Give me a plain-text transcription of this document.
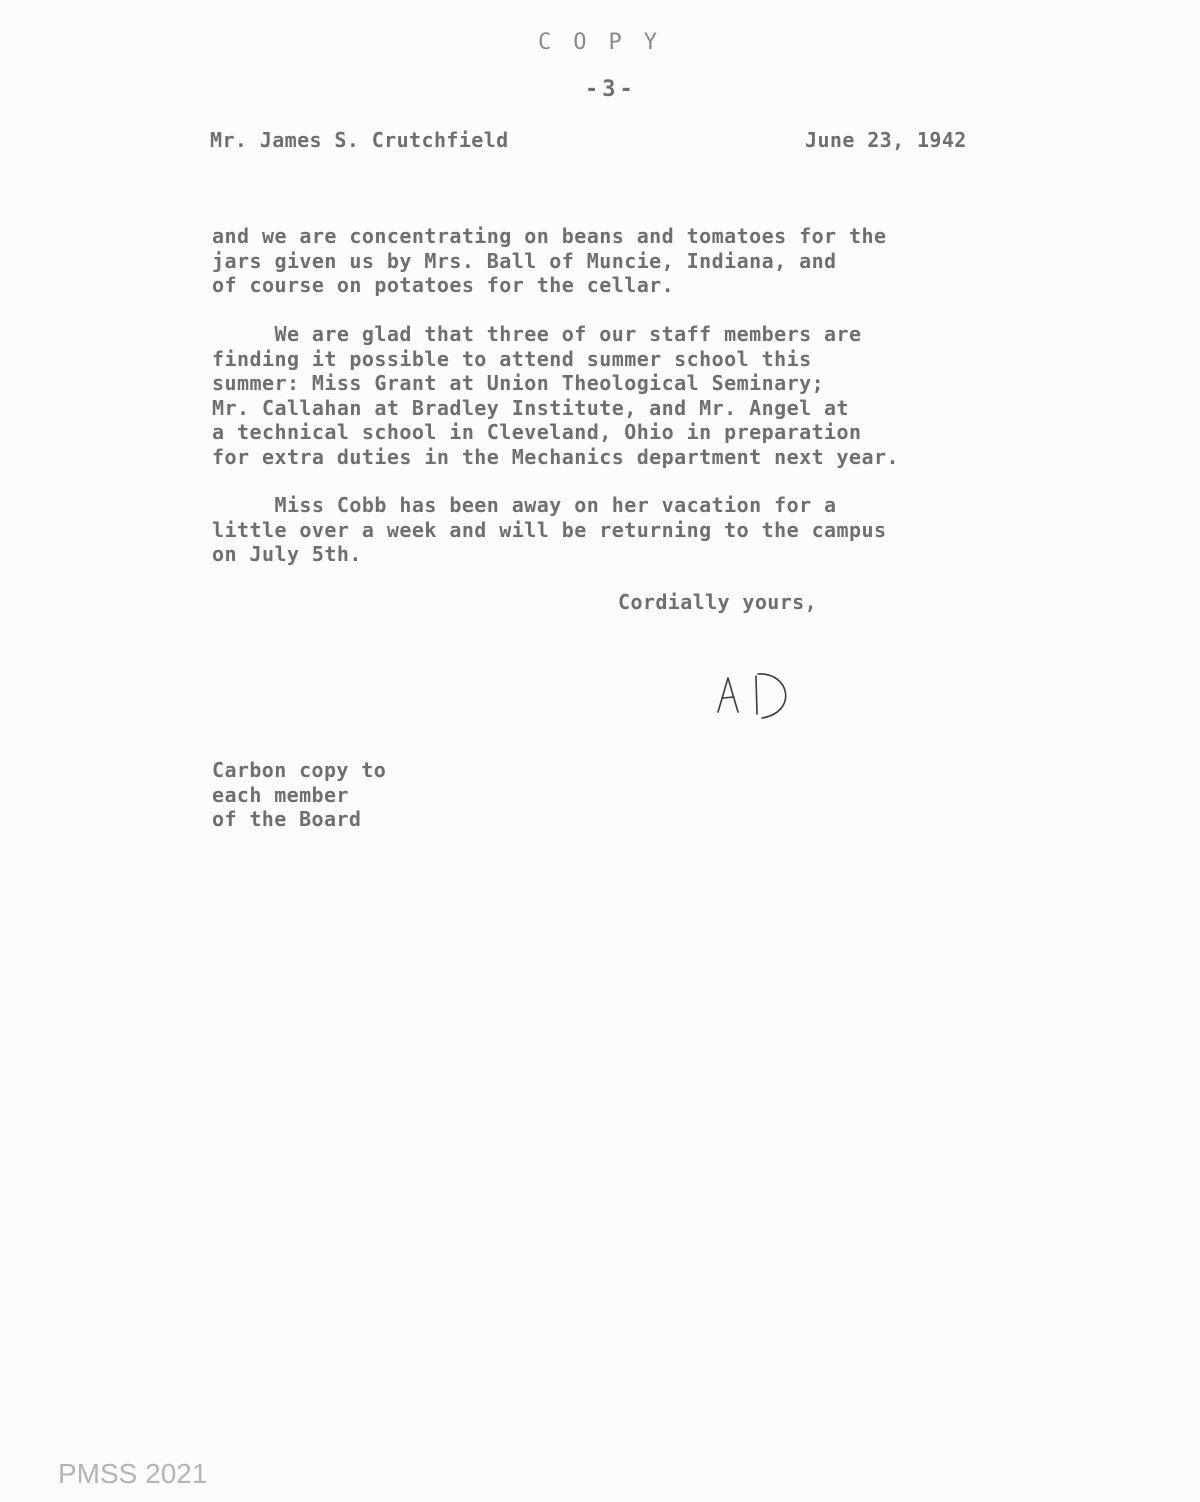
COPY

-3-

Mr. James S. Crutchfield	June 23, 1942

and we are concentrating on beans and tomatoes for the
jars given us by Mrs. Ball of Muncie, Indiana, and
of course on potatoes for the cellar.

We are glad that three of our staff members are
finding it possible to attend summer school this
summer: Miss Grant at Union Theological Seminary;
Mr. Callahan at Bradley Institute, and Mr. Angel at
a technical school in Cleveland, Ohio in preparation
for extra duties in the Mechanics department next year.

Miss Cobb has been away on her vacation for a
little over a week and will be returning to the campus
on July 5th.

Cordially yours,

Carbon copy to
each member
of the Board

PMSS 2021
